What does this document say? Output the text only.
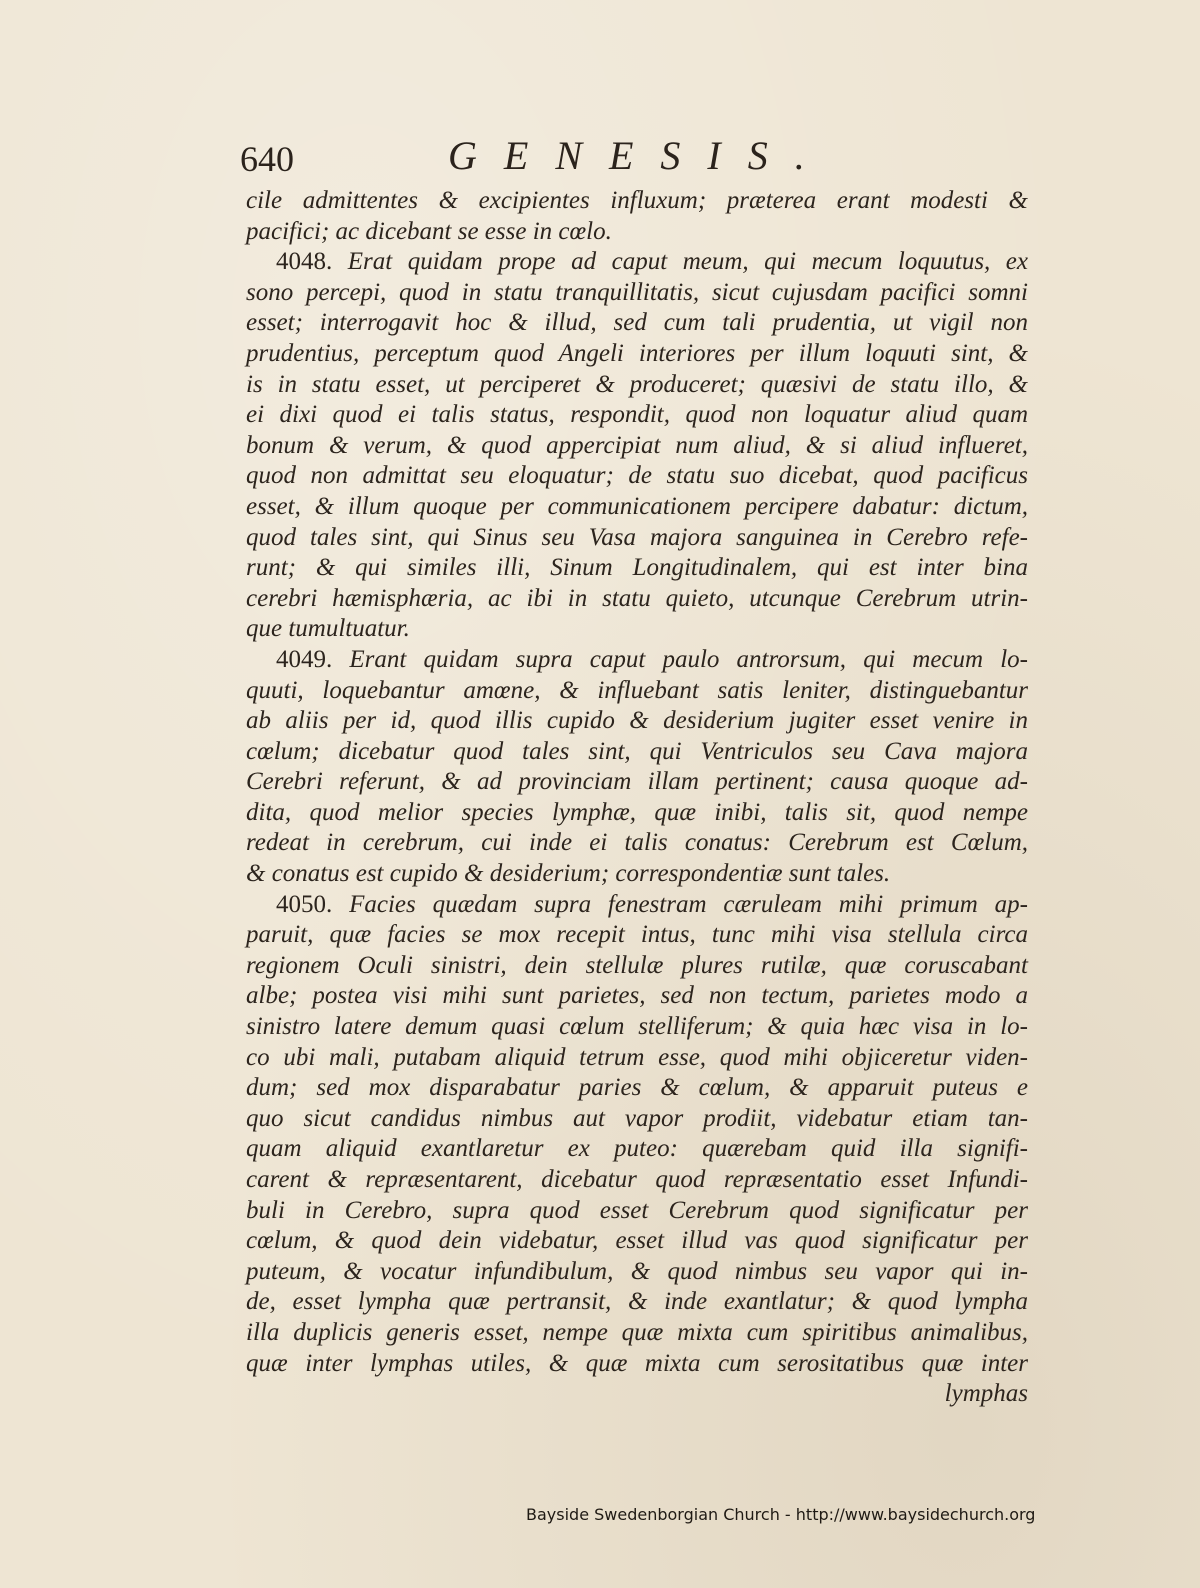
640	GENESIS.
cile admittentes & excipientes influxum; præterea erant modesti &
pacifici; ac dicebant se esse in cœlo.
4048. Erat quidam prope ad caput meum, qui mecum loquutus, ex
sono percepi, quod in statu tranquillitatis, sicut cujusdam pacifici somni
esset; interrogavit hoc & illud, sed cum tali prudentia, ut vigil non
prudentius, perceptum quod Angeli interiores per illum loquuti sint, &
is in statu esset, ut perciperet & produceret; quæsivi de statu illo, &
ei dixi quod ei talis status, respondit, quod non loquatur aliud quam
bonum & verum, & quod appercipiat num aliud, & si aliud influeret,
quod non admittat seu eloquatur; de statu suo dicebat, quod pacificus
esset, & illum quoque per communicationem percipere dabatur: dictum,
quod tales sint, qui Sinus seu Vasa majora sanguinea in Cerebro refe-
runt; & qui similes illi, Sinum Longitudinalem, qui est inter bina
cerebri hæmisphæria, ac ibi in statu quieto, utcunque Cerebrum utrin-
que tumultuatur.
4049. Erant quidam supra caput paulo antrorsum, qui mecum lo-
quuti, loquebantur amœne, & influebant satis leniter, distinguebantur
ab aliis per id, quod illis cupido & desiderium jugiter esset venire in
cœlum; dicebatur quod tales sint, qui Ventriculos seu Cava majora
Cerebri referunt, & ad provinciam illam pertinent; causa quoque ad-
dita, quod melior species lymphæ, quæ inibi, talis sit, quod nempe
redeat in cerebrum, cui inde ei talis conatus: Cerebrum est Cœlum,
& conatus est cupido & desiderium; correspondentiæ sunt tales.
4050. Facies quædam supra fenestram cæruleam mihi primum ap-
paruit, quæ facies se mox recepit intus, tunc mihi visa stellula circa
regionem Oculi sinistri, dein stellulæ plures rutilæ, quæ coruscabant
albe; postea visi mihi sunt parietes, sed non tectum, parietes modo a
sinistro latere demum quasi cœlum stelliferum; & quia hæc visa in lo-
co ubi mali, putabam aliquid tetrum esse, quod mihi objiceretur viden-
dum; sed mox disparabatur paries & cœlum, & apparuit puteus e
quo sicut candidus nimbus aut vapor prodiit, videbatur etiam tan-
quam aliquid exantlaretur ex puteo: quærebam quid illa signifi-
carent & repræsentarent, dicebatur quod repræsentatio esset Infundi-
buli in Cerebro, supra quod esset Cerebrum quod significatur per
cœlum, & quod dein videbatur, esset illud vas quod significatur per
puteum, & vocatur infundibulum, & quod nimbus seu vapor qui in-
de, esset lympha quæ pertransit, & inde exantlatur; & quod lympha
illa duplicis generis esset, nempe quæ mixta cum spiritibus animalibus,
quæ inter lymphas utiles, & quæ mixta cum serositatibus quæ inter
lymphas
Bayside Swedenborgian Church - http://www.baysidechurch.org
